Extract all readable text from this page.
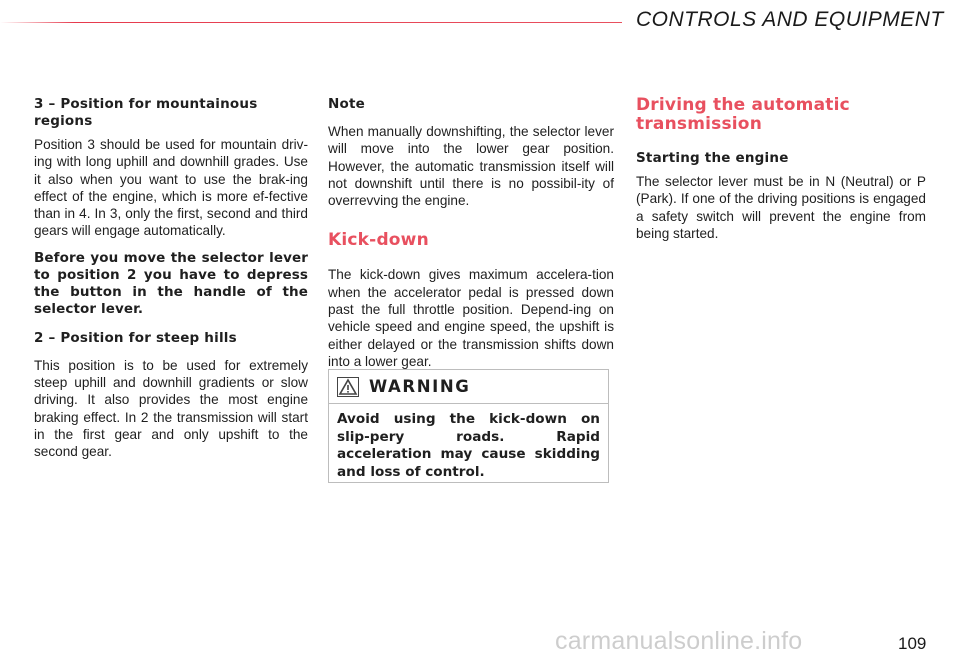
CONTROLS AND EQUIPMENT
3 – Position for mountainous regions

Position 3 should be used for mountain driv-ing with long uphill and downhill grades. Use it also when you want to use the brak-ing effect of the engine, which is more ef-fective than in 4. In 3, only the first, second and third gears will engage automatically.

Before you move the selector lever to position 2 you have to depress the button in the handle of the selector lever.

2 – Position for steep hills

This position is to be used for extremely steep uphill and downhill gradients or slow driving. It also provides the most engine braking effect. In 2 the transmission will start in the first gear and only upshift to the second gear.

Note

When manually downshifting, the selector lever will move into the lower gear position. However, the automatic transmission itself will not downshift until there is no possibil-ity of overrevving the engine.

Kick-down

The kick-down gives maximum accelera-tion when the accelerator pedal is pressed down past the full throttle position. Depend-ing on vehicle speed and engine speed, the upshift is either delayed or the transmission shifts down into a lower gear.

WARNING

Avoid using the kick-down on slip-pery roads. Rapid acceleration may cause skidding and loss of control.

Driving the automatic transmission
Starting the engine

The selector lever must be in N (Neutral) or P (Park). If one of the driving positions is engaged a safety switch will prevent the engine from being started.

carmanualsonline.info	109
